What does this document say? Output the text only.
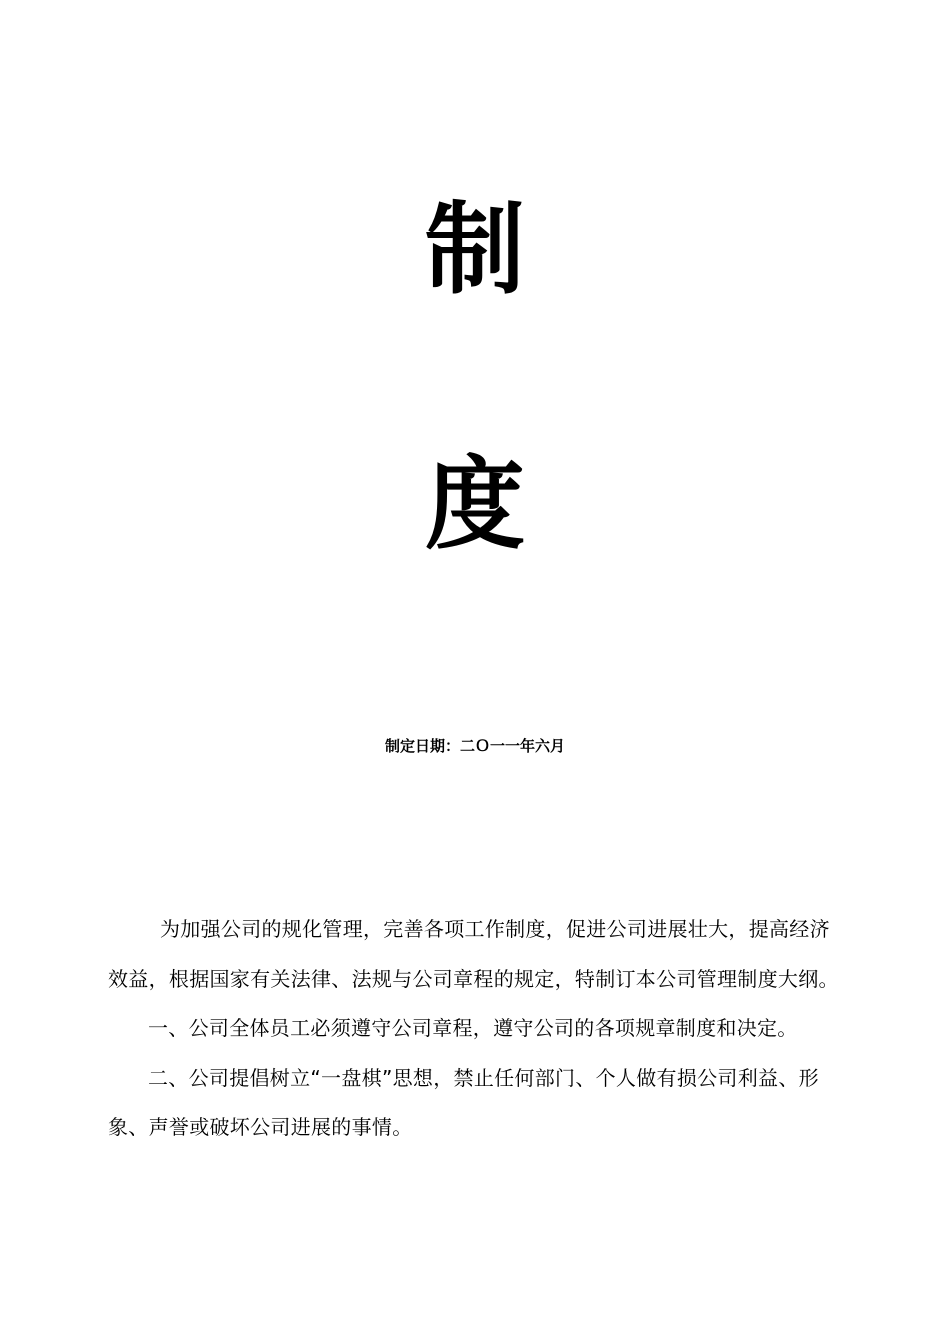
制
度
制定日期：二Ｏ一一年六月

为加强公司的规化管理，完善各项工作制度，促进公司进展壮大，提高经济效益，根据国家有关法律、法规与公司章程的规定，特制订本公司管理制度大纲。

一、公司全体员工必须遵守公司章程，遵守公司的各项规章制度和决定。

二、公司提倡树立“一盘棋”思想，禁止任何部门、个人做有损公司利益、形象、声誉或破坏公司进展的事情。
